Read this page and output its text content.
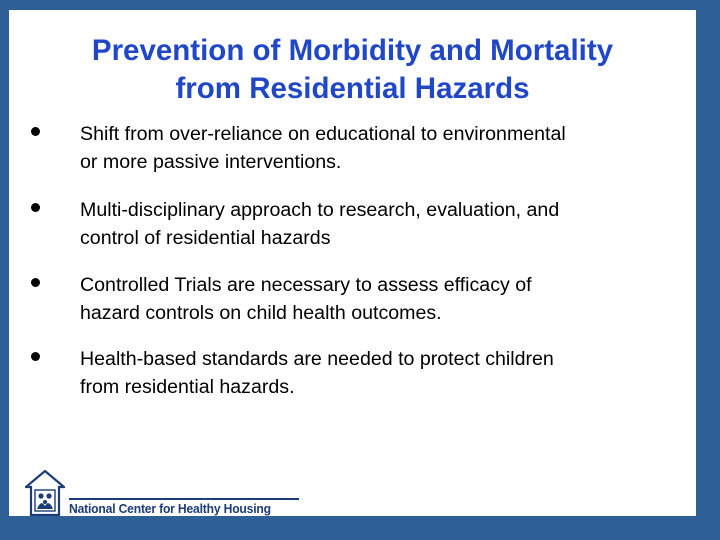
Prevention of Morbidity and Mortality
from Residential Hazards
Shift from over-reliance on educational to environmental
or more passive interventions.
Multi-disciplinary approach to research, evaluation, and
control of residential hazards
Controlled Trials are necessary to assess efficacy of
hazard controls on child health outcomes.
Health-based standards are needed to protect children
from residential hazards.
National Center for Healthy Housing
